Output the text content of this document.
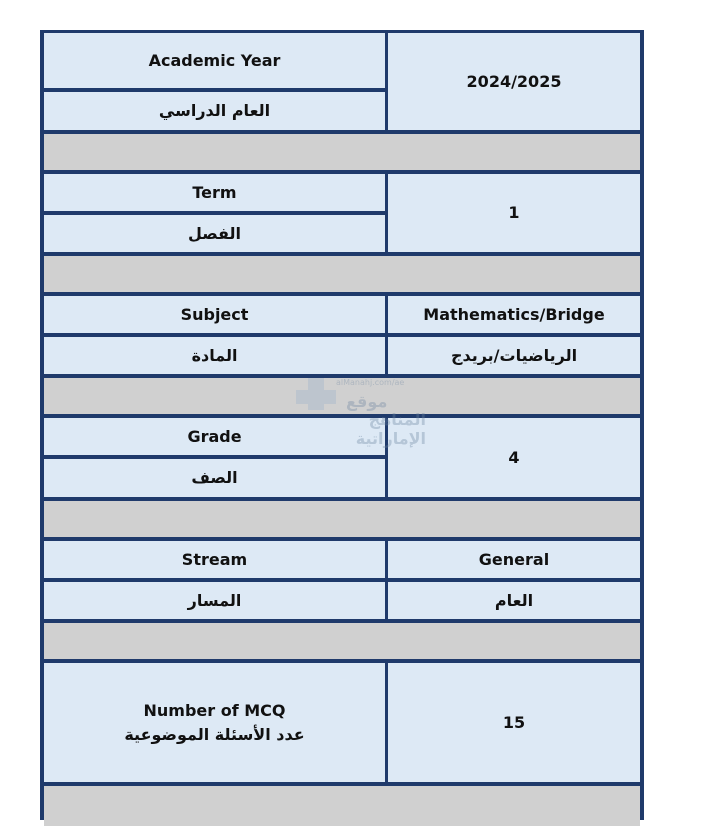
Academic Year
العام الدراسي
2024/2025
Term
الفصل
1
Subject
المادة
Mathematics/Bridge
الرياضيات/بريدج
Grade
الصف
4
Stream
المسار
General
العام
Number of MCQ
عدد الأسئلة الموضوعية
15
alManahj.com/ae
موقع
المناهج الإماراتية
